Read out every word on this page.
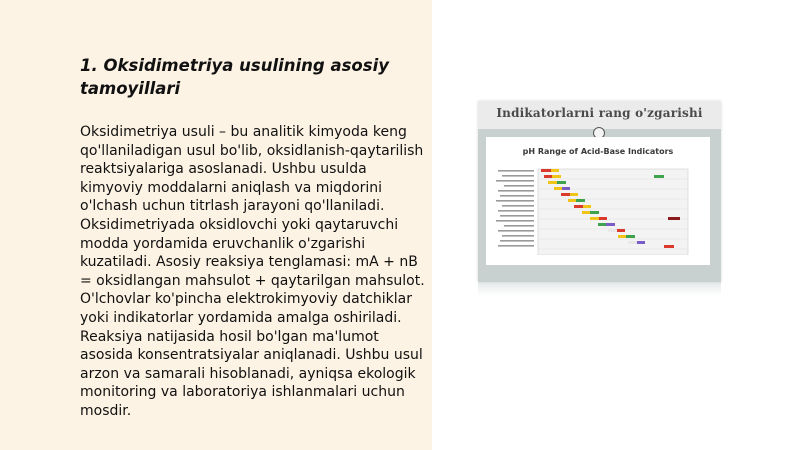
1. Oksidimetriya usulining asosiy tamoyillari

Oksidimetriya usuli – bu analitik kimyoda keng qo'llaniladigan usul bo'lib, oksidlanish-qaytarilish reaktsiyalariga asoslanadi. Ushbu usulda kimyoviy moddalarni aniqlash va miqdorini o'lchash uchun titrlash jarayoni qo'llaniladi. Oksidimetriyada oksidlovchi yoki qaytaruvchi modda yordamida eruvchanlik o'zgarishi kuzatiladi. Asosiy reaksiya tenglamasi: mA + nB = oksidlangan mahsulot + qaytarilgan mahsulot. O'lchovlar ko'pincha elektrokimyoviy datchiklar yoki indikatorlar yordamida amalga oshiriladi. Reaksiya natijasida hosil bo'lgan ma'lumot asosida konsentratsiyalar aniqlanadi. Ushbu usul arzon va samarali hisoblanadi, ayniqsa ekologik monitoring va laboratoriya ishlanmalari uchun mosdir.

Indikatorlarni rang o'zgarishi
pH Range of Acid-Base Indicators
